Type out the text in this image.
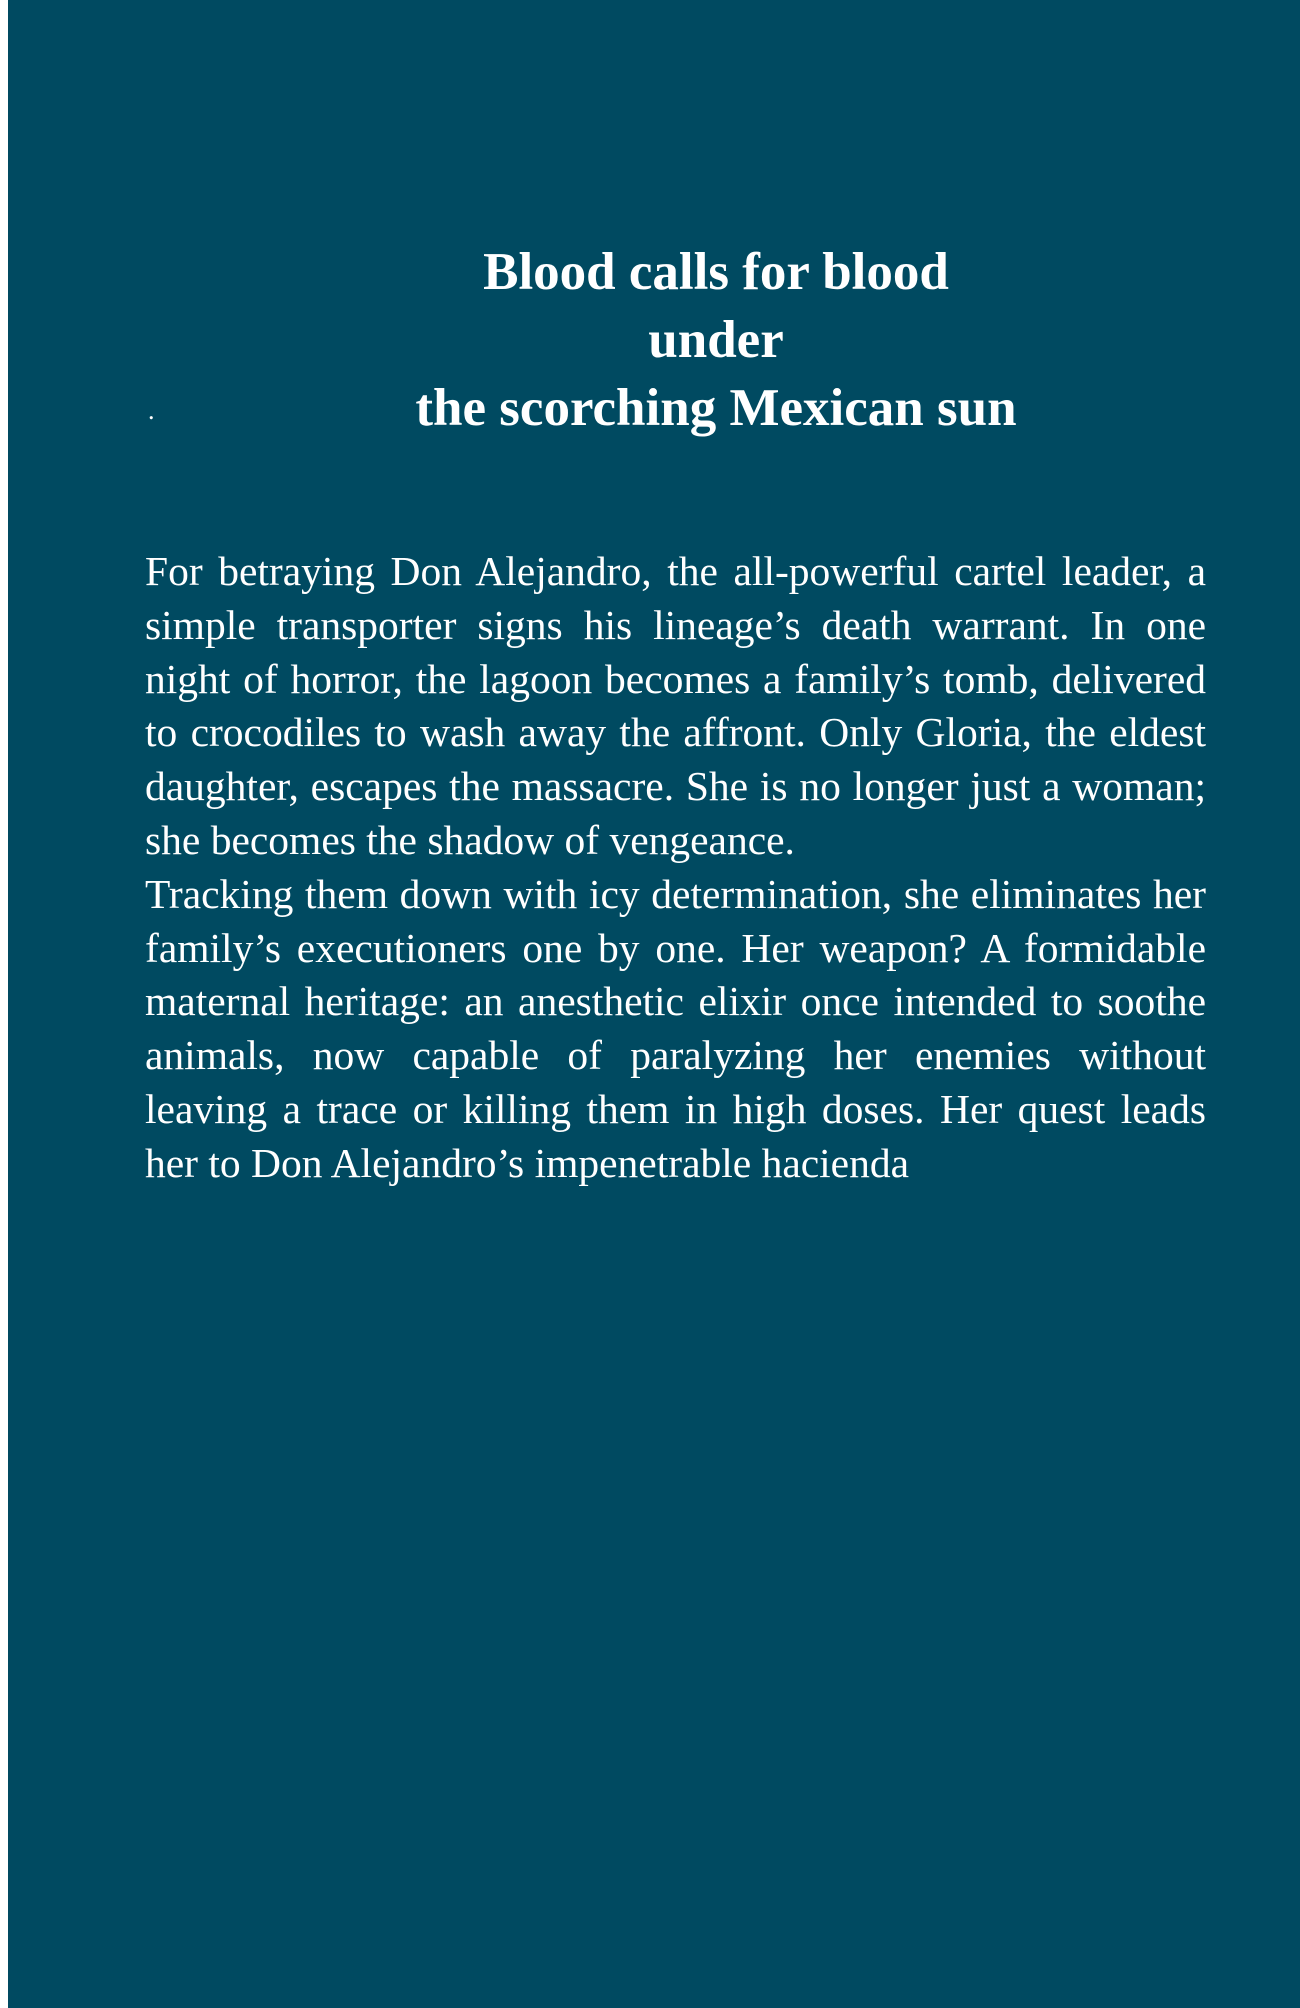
Blood calls for blood
under
the scorching Mexican sun
.

For betraying Don Alejandro, the all-powerful cartel leader, a simple transporter signs his lineage’s death warrant. In one night of horror, the lagoon becomes a family’s tomb, delivered to crocodiles to wash away the affront. Only Gloria, the eldest daughter, escapes the massacre. She is no longer just a woman; she becomes the shadow of vengeance.

Tracking them down with icy determination, she eliminates her family’s executioners one by one. Her weapon? A formidable maternal heritage: an anesthetic elixir once intended to soothe animals, now capable of paralyzing her enemies without leaving a trace or killing them in high doses. Her quest leads her to Don Alejandro’s impenetrable hacienda
